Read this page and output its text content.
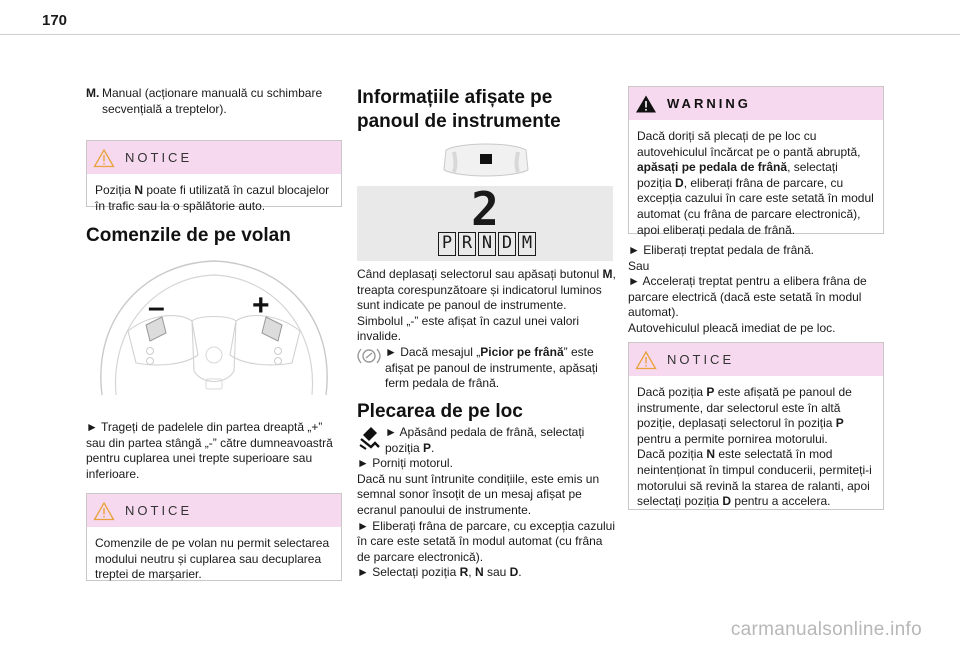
170
M. Manual (acționare manuală cu schimbare secvențială a treptelor).
NOTICE
Poziția N poate fi utilizată în cazul blocajelor în trafic sau la o spălătorie auto.
Comenzile de pe volan
–	+

► Trageți de padelele din partea dreaptă „+” sau din partea stângă „-” către dumneavoastră pentru cuplarea unei trepte superioare sau inferioare.

NOTICE
Comenzile de pe volan nu permit selectarea modului neutru și cuplarea sau decuplarea treptei de marșarier.
Informațiile afișate pe
panoul de instrumente
2
P R N D M

Când deplasați selectorul sau apăsați butonul M, treapta corespunzătoare și indicatorul luminos sunt indicate pe panoul de instrumente.

Simbolul „-” este afișat în cazul unei valori invalide.

► Dacă mesajul „Picior pe frână” este afișat pe panoul de instrumente, apăsați ferm pedala de frână.

Plecarea de pe loc

► Apăsând pedala de frână, selectați poziția P.

► Porniți motorul.

Dacă nu sunt întrunite condițiile, este emis un semnal sonor însoțit de un mesaj afișat pe ecranul panoului de instrumente.

► Eliberați frâna de parcare, cu excepția cazului în care este setată în modul automat (cu frâna de parcare electronică).

► Selectați poziția R, N sau D.

WARNING
Dacă doriți să plecați de pe loc cu autovehiculul încărcat pe o pantă abruptă, apăsați pe pedala de frână, selectați poziția D, eliberați frâna de parcare, cu excepția cazului în care este setată în modul automat (cu frâna de parcare electronică), apoi eliberați pedala de frână.

► Eliberați treptat pedala de frână.

Sau

► Accelerați treptat pentru a elibera frâna de parcare electrică (dacă este setată în modul automat).

Autovehiculul pleacă imediat de pe loc.

NOTICE
Dacă poziția P este afișată pe panoul de instrumente, dar selectorul este în altă poziție, deplasați selectorul în poziția P pentru a permite pornirea motorului.
Dacă poziția N este selectată în mod neintenționat în timpul conducerii, permiteți-i motorului să revină la starea de ralanti, apoi selectați poziția D pentru a accelera.
carmanualsonline.info
